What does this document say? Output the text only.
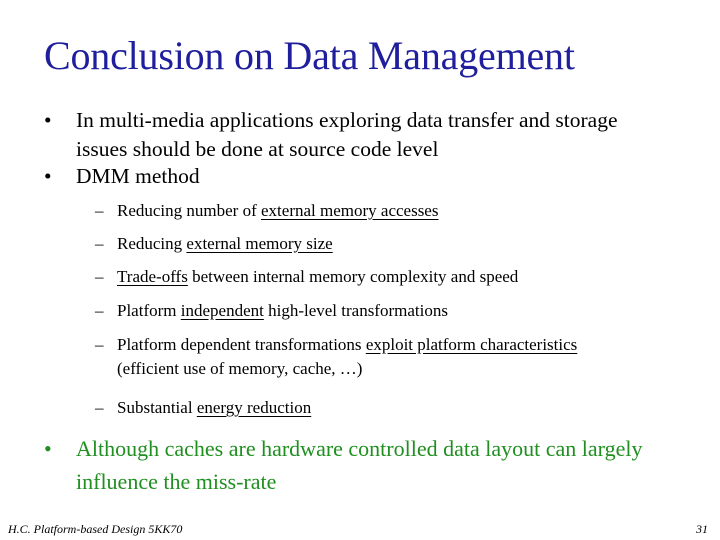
Conclusion on Data Management
• In multi-media applications exploring data transfer and storage
issues should be done at source code level
• DMM method
– Reducing number of external memory accesses
– Reducing external memory size
– Trade-offs between internal memory complexity and speed
– Platform independent high-level transformations
– Platform dependent transformations exploit platform characteristics
(efficient use of memory, cache, …)
– Substantial energy reduction
• Although caches are hardware controlled data layout can largely
influence the miss-rate
H.C. Platform-based Design 5KK70	31
